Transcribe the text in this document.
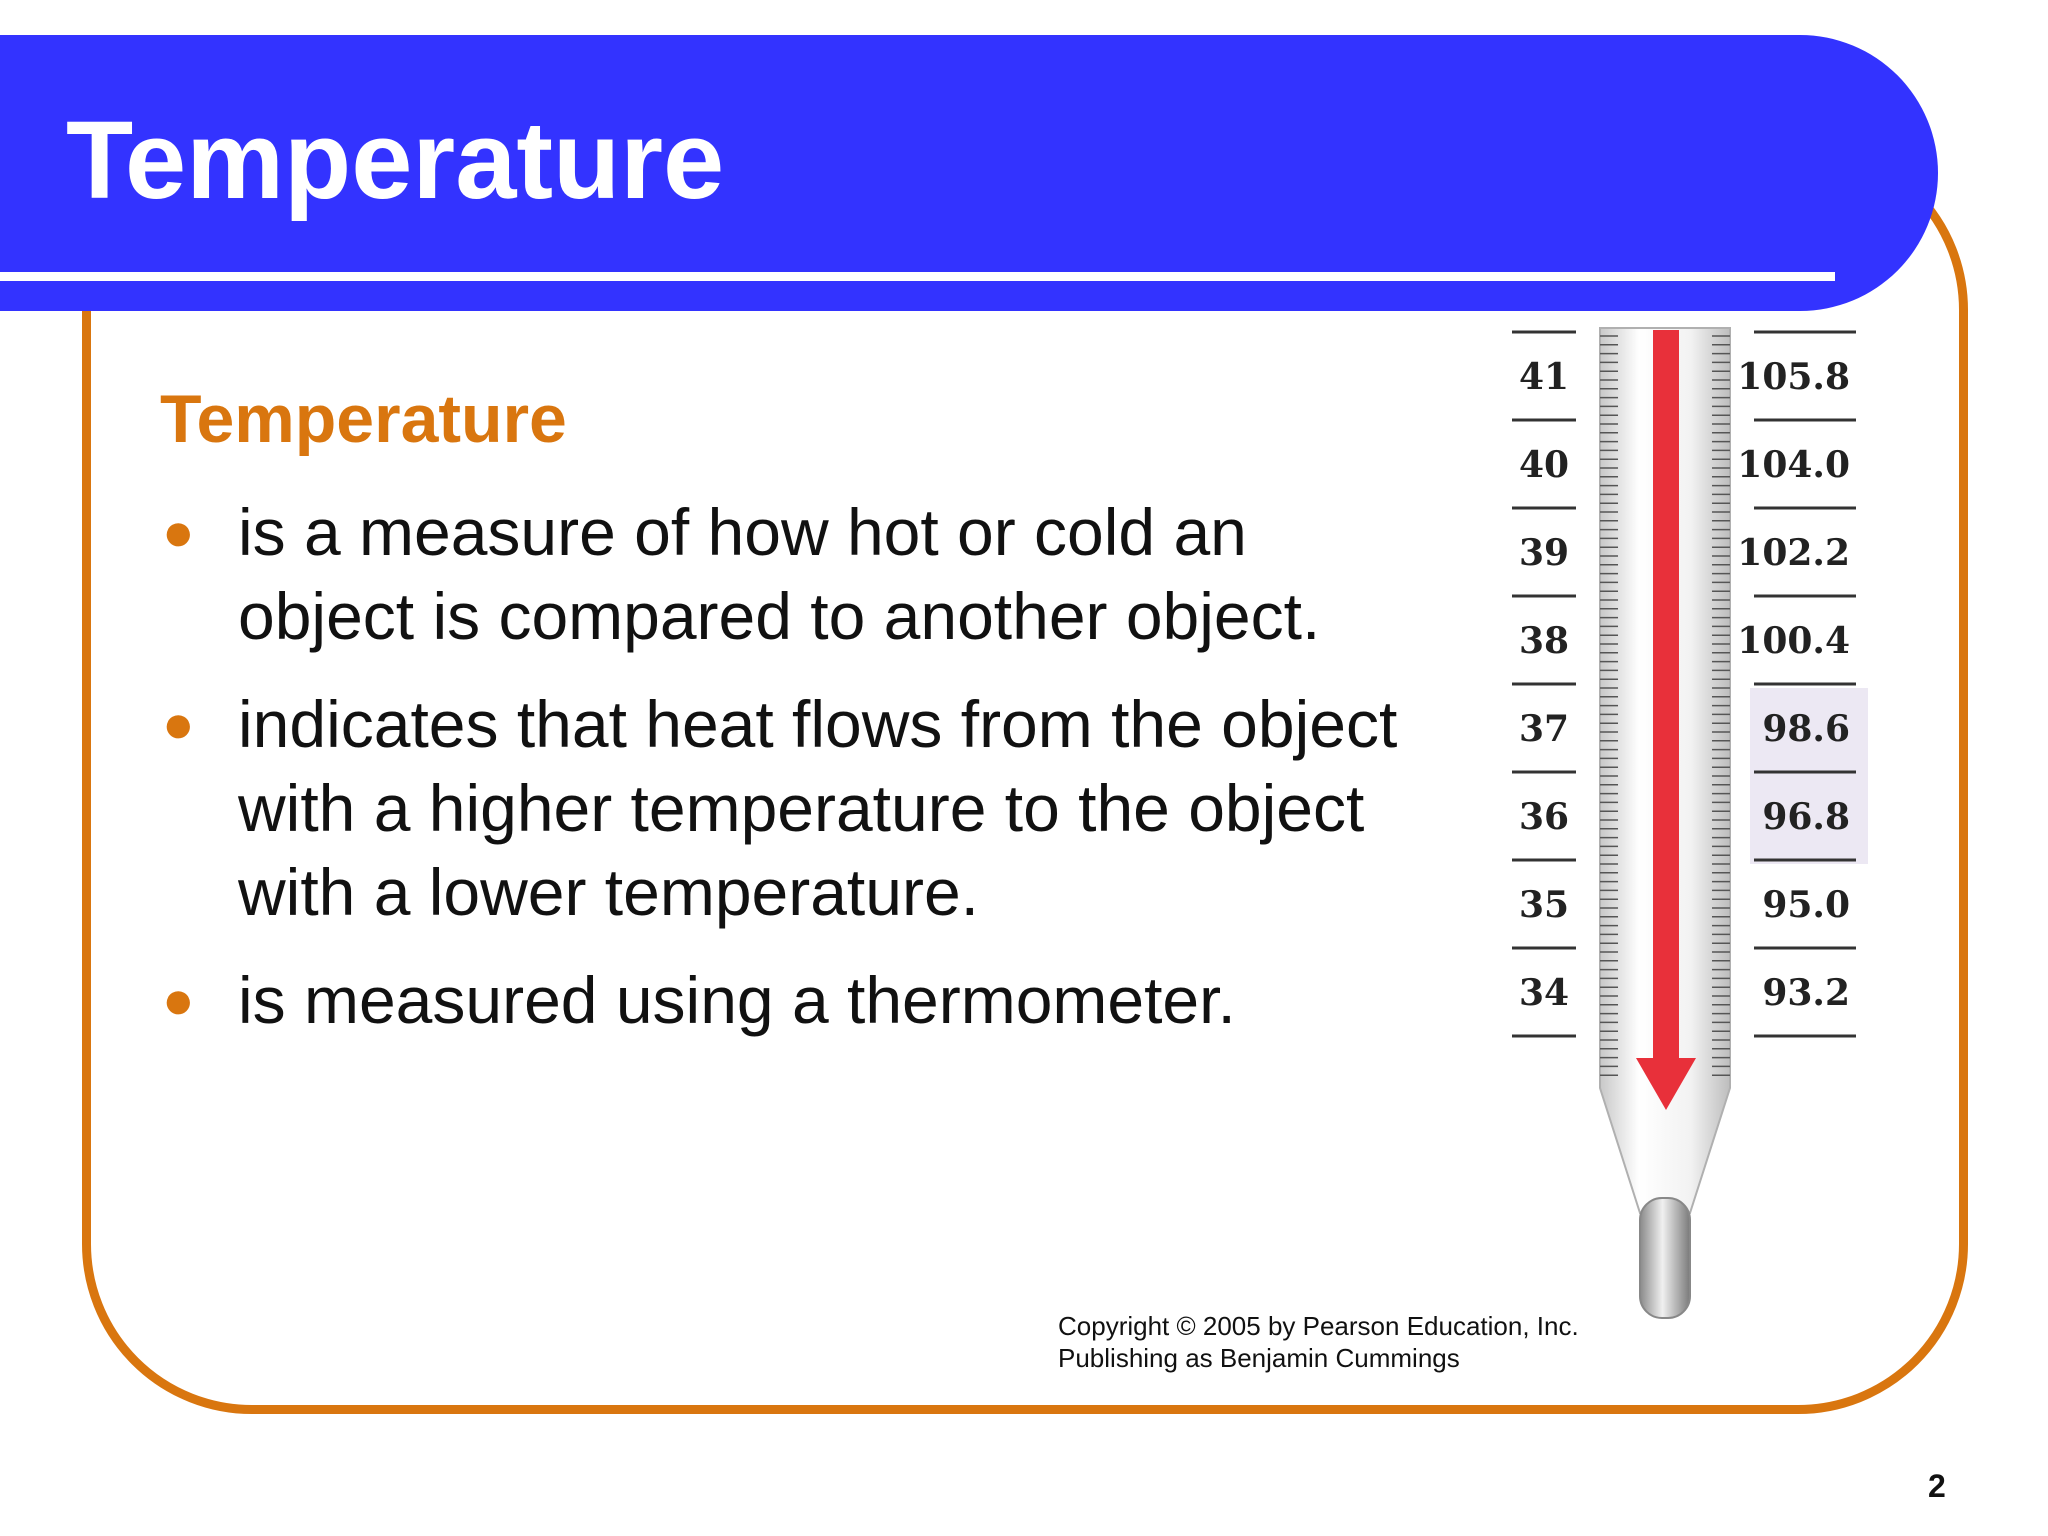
Temperature
Temperature
● is a measure of how hot or cold an object is compared to another object.
● indicates that heat flows from the object with a higher temperature to the object with a lower temperature.
● is measured using a thermometer.
41
40
39
38
37
36
35
34
105.8
104.0
102.2
100.4
98.6
96.8
95.0
93.2
Copyright © 2005 by Pearson Education, Inc.
Publishing as Benjamin Cummings
2
